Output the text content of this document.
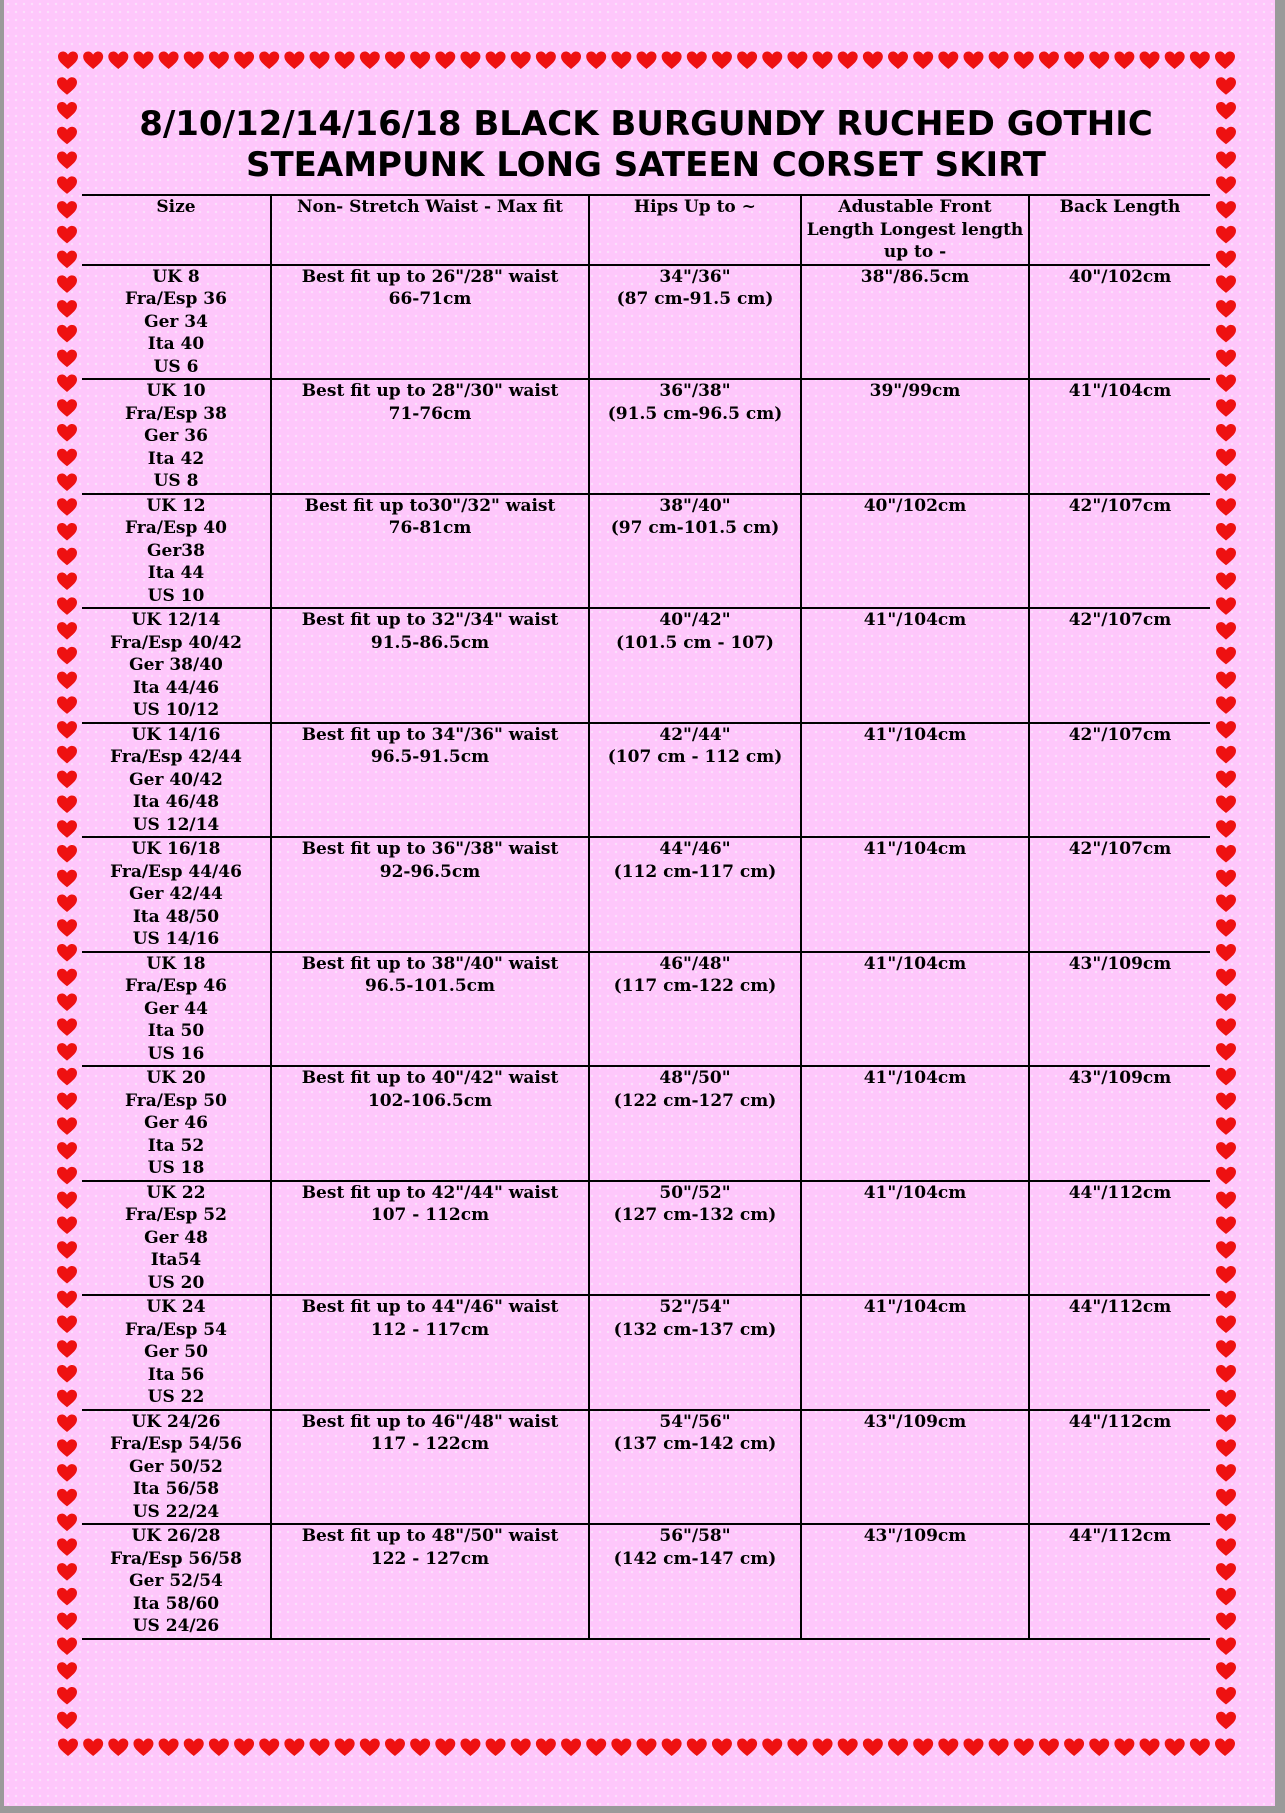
8/10/12/14/16/18 BLACK BURGUNDY RUCHED GOTHIC
STEAMPUNK LONG SATEEN CORSET SKIRT
Size	Non- Stretch Waist - Max fit	Hips Up to ~	Adustable Front
Length Longest length
up to -	Back Length

UK 8
Fra/Esp 36
Ger 34
Ita 40
US 6	Best fit up to 26"/28" waist
66-71cm	34"/36"
(87 cm-91.5 cm)	38"/86.5cm	40"/102cm

UK 10
Fra/Esp 38
Ger 36
Ita 42
US 8	Best fit up to 28"/30" waist
71-76cm	36"/38"
(91.5 cm-96.5 cm)	39"/99cm	41"/104cm

UK 12
Fra/Esp 40
Ger38
Ita 44
US 10	Best fit up to30"/32" waist
76-81cm	38"/40"
(97 cm-101.5 cm)	40"/102cm	42"/107cm

UK 12/14
Fra/Esp 40/42
Ger 38/40
Ita 44/46
US 10/12	Best fit up to 32"/34" waist
91.5-86.5cm	40"/42"
(101.5 cm - 107)	41"/104cm	42"/107cm

UK 14/16
Fra/Esp 42/44
Ger 40/42
Ita 46/48
US 12/14	Best fit up to 34"/36" waist
96.5-91.5cm	42"/44"
(107 cm - 112 cm)	41"/104cm	42"/107cm

UK 16/18
Fra/Esp 44/46
Ger 42/44
Ita 48/50
US 14/16	Best fit up to 36"/38" waist
92-96.5cm	44"/46"
(112 cm-117 cm)	41"/104cm	42"/107cm

UK 18
Fra/Esp 46
Ger 44
Ita 50
US 16	Best fit up to 38"/40" waist
96.5-101.5cm	46"/48"
(117 cm-122 cm)	41"/104cm	43"/109cm

UK 20
Fra/Esp 50
Ger 46
Ita 52
US 18	Best fit up to 40"/42" waist
102-106.5cm	48"/50"
(122 cm-127 cm)	41"/104cm	43"/109cm

UK 22
Fra/Esp 52
Ger 48
Ita54
US 20	Best fit up to 42"/44" waist
107 - 112cm	50"/52"
(127 cm-132 cm)	41"/104cm	44"/112cm

UK 24
Fra/Esp 54
Ger 50
Ita 56
US 22	Best fit up to 44"/46" waist
112 - 117cm	52"/54"
(132 cm-137 cm)	41"/104cm	44"/112cm

UK 24/26
Fra/Esp 54/56
Ger 50/52
Ita 56/58
US 22/24	Best fit up to 46"/48" waist
117 - 122cm	54"/56"
(137 cm-142 cm)	43"/109cm	44"/112cm

UK 26/28
Fra/Esp 56/58
Ger 52/54
Ita 58/60
US 24/26	Best fit up to 48"/50" waist
122 - 127cm	56"/58"
(142 cm-147 cm)	43"/109cm	44"/112cm
